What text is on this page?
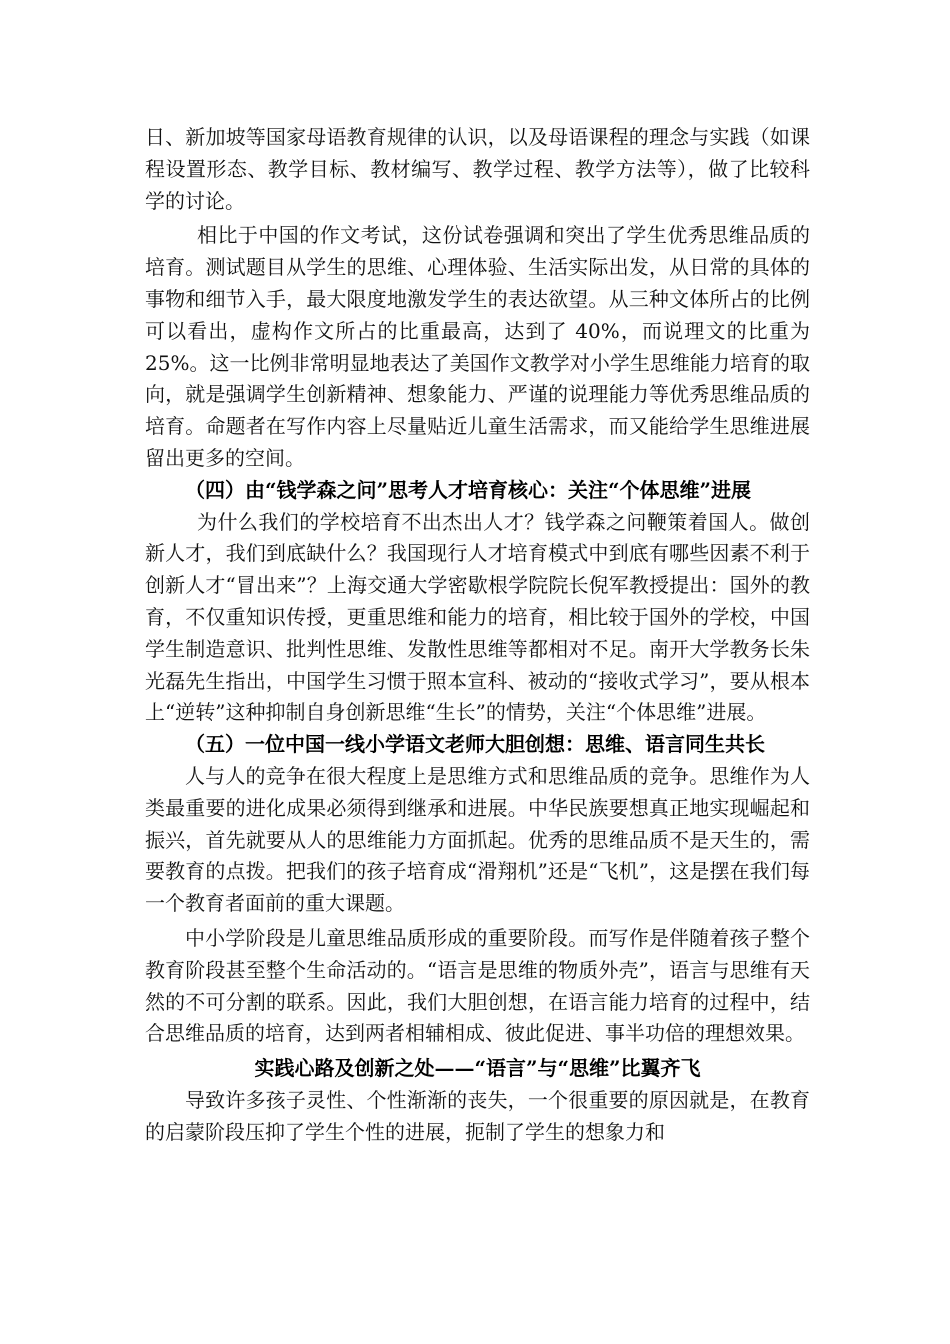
日、新加坡等国家母语教育规律的认识，以及母语课程的理念与实践（如课程设置形态、教学目标、教材编写、教学过程、教学方法等），做了比较科学的讨论。

相比于中国的作文考试，这份试卷强调和突出了学生优秀思维品质的培育。测试题目从学生的思维、心理体验、生活实际出发，从日常的具体的事物和细节入手，最大限度地激发学生的表达欲望。从三种文体所占的比例可以看出，虚构作文所占的比重最高，达到了 40%，而说理文的比重为 25%。这一比例非常明显地表达了美国作文教学对小学生思维能力培育的取向，就是强调学生创新精神、想象能力、严谨的说理能力等优秀思维品质的培育。命题者在写作内容上尽量贴近儿童生活需求，而又能给学生思维进展留出更多的空间。

（四）由“钱学森之问”思考人才培育核心：关注“个体思维”进展

为什么我们的学校培育不出杰出人才？钱学森之问鞭策着国人。做创新人才，我们到底缺什么？我国现行人才培育模式中到底有哪些因素不利于创新人才“冒出来”？上海交通大学密歇根学院院长倪军教授提出：国外的教育，不仅重知识传授，更重思维和能力的培育，相比较于国外的学校，中国学生制造意识、批判性思维、发散性思维等都相对不足。南开大学教务长朱光磊先生指出，中国学生习惯于照本宣科、被动的“接收式学习”，要从根本上“逆转”这种抑制自身创新思维“生长”的情势，关注“个体思维”进展。

（五）一位中国一线小学语文老师大胆创想：思维、语言同生共长

人与人的竞争在很大程度上是思维方式和思维品质的竞争。思维作为人类最重要的进化成果必须得到继承和进展。中华民族要想真正地实现崛起和振兴，首先就要从人的思维能力方面抓起。优秀的思维品质不是天生的，需要教育的点拨。把我们的孩子培育成“滑翔机”还是“飞机”，这是摆在我们每一个教育者面前的重大课题。

中小学阶段是儿童思维品质形成的重要阶段。而写作是伴随着孩子整个教育阶段甚至整个生命活动的。“语言是思维的物质外壳”，语言与思维有天然的不可分割的联系。因此，我们大胆创想，在语言能力培育的过程中，结合思维品质的培育，达到两者相辅相成、彼此促进、事半功倍的理想效果。

实践心路及创新之处——“语言”与“思维”比翼齐飞

导致许多孩子灵性、个性渐渐的丧失，一个很重要的原因就是，在教育的启蒙阶段压抑了学生个性的进展，扼制了学生的想象力和
